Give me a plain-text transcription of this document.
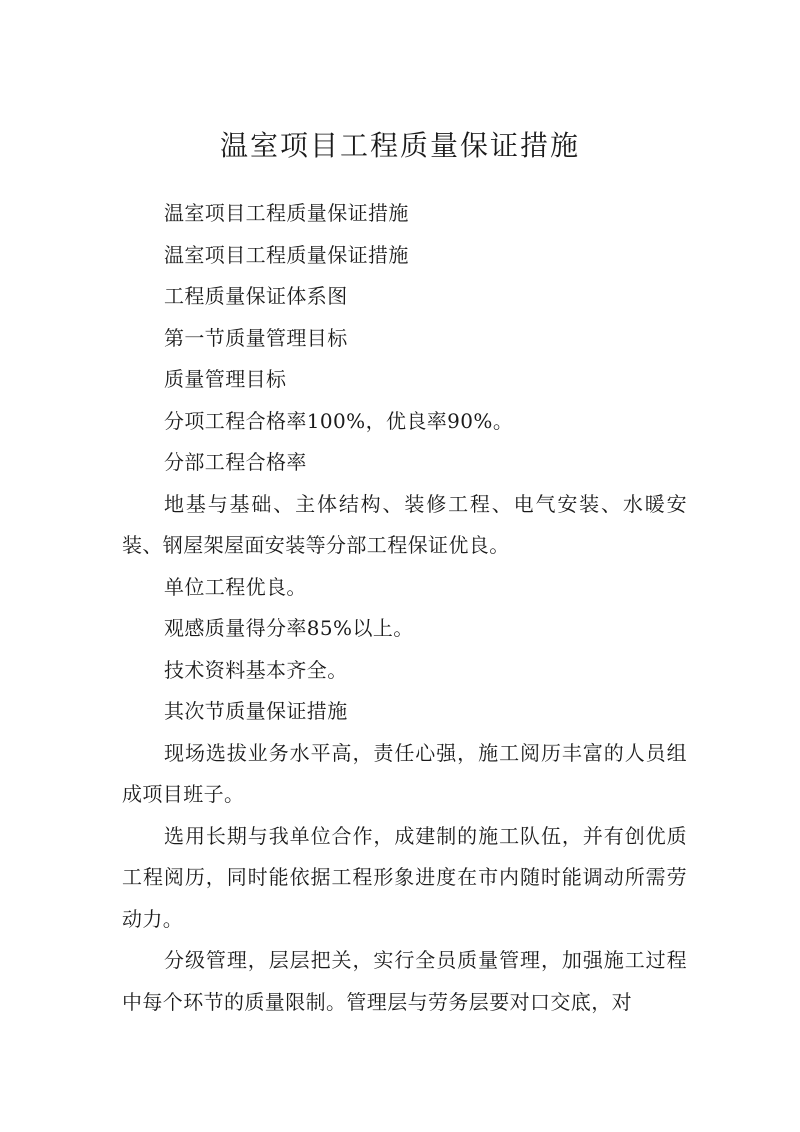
温室项目工程质量保证措施

温室项目工程质量保证措施

温室项目工程质量保证措施

工程质量保证体系图

第一节质量管理目标

质量管理目标

分项工程合格率100%，优良率90%。

分部工程合格率

地基与基础、主体结构、装修工程、电气安装、水暖安装、钢屋架屋面安装等分部工程保证优良。

单位工程优良。

观感质量得分率85%以上。

技术资料基本齐全。

其次节质量保证措施

现场选拔业务水平高，责任心强，施工阅历丰富的人员组成项目班子。

选用长期与我单位合作，成建制的施工队伍，并有创优质工程阅历，同时能依据工程形象进度在市内随时能调动所需劳动力。

分级管理，层层把关，实行全员质量管理，加强施工过程中每个环节的质量限制。管理层与劳务层要对口交底，对
